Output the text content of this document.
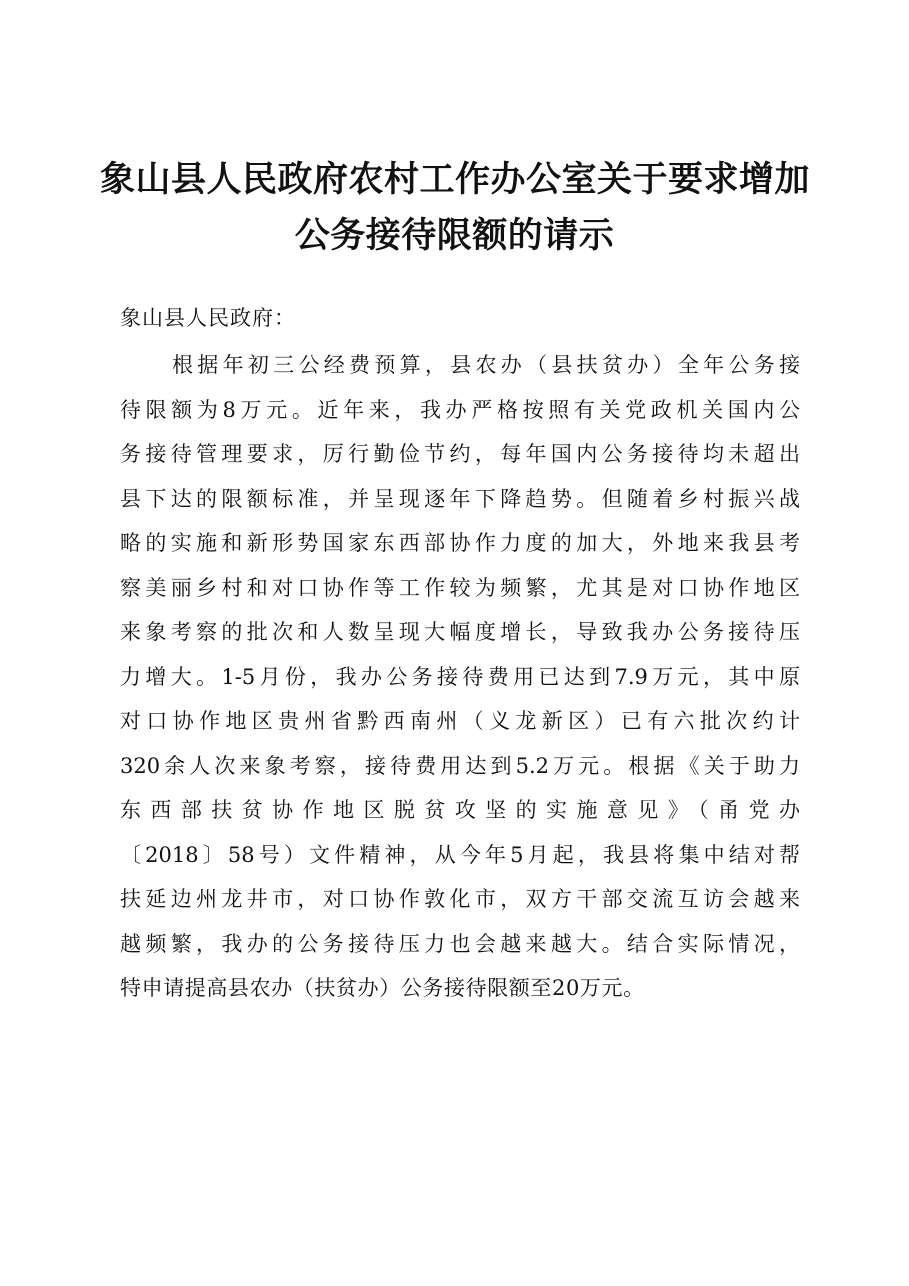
象山县人民政府农村工作办公室关于要求增加
公务接待限额的请示

象山县人民政府：

根据年初三公经费预算，县农办（县扶贫办）全年公务接
待限额为8万元。近年来，我办严格按照有关党政机关国内公
务接待管理要求，厉行勤俭节约，每年国内公务接待均未超出
县下达的限额标准，并呈现逐年下降趋势。但随着乡村振兴战
略的实施和新形势国家东西部协作力度的加大，外地来我县考
察美丽乡村和对口协作等工作较为频繁，尤其是对口协作地区
来象考察的批次和人数呈现大幅度增长，导致我办公务接待压
力增大。1-5月份，我办公务接待费用已达到7.9万元，其中原
对口协作地区贵州省黔西南州（义龙新区）已有六批次约计
320余人次来象考察，接待费用达到5.2万元。根据《关于助力
东西部扶贫协作地区脱贫攻坚的实施意见》（甬党办
〔2018〕58号）文件精神，从今年5月起，我县将集中结对帮
扶延边州龙井市，对口协作敦化市，双方干部交流互访会越来
越频繁，我办的公务接待压力也会越来越大。结合实际情况，
特申请提高县农办（扶贫办）公务接待限额至20万元。
